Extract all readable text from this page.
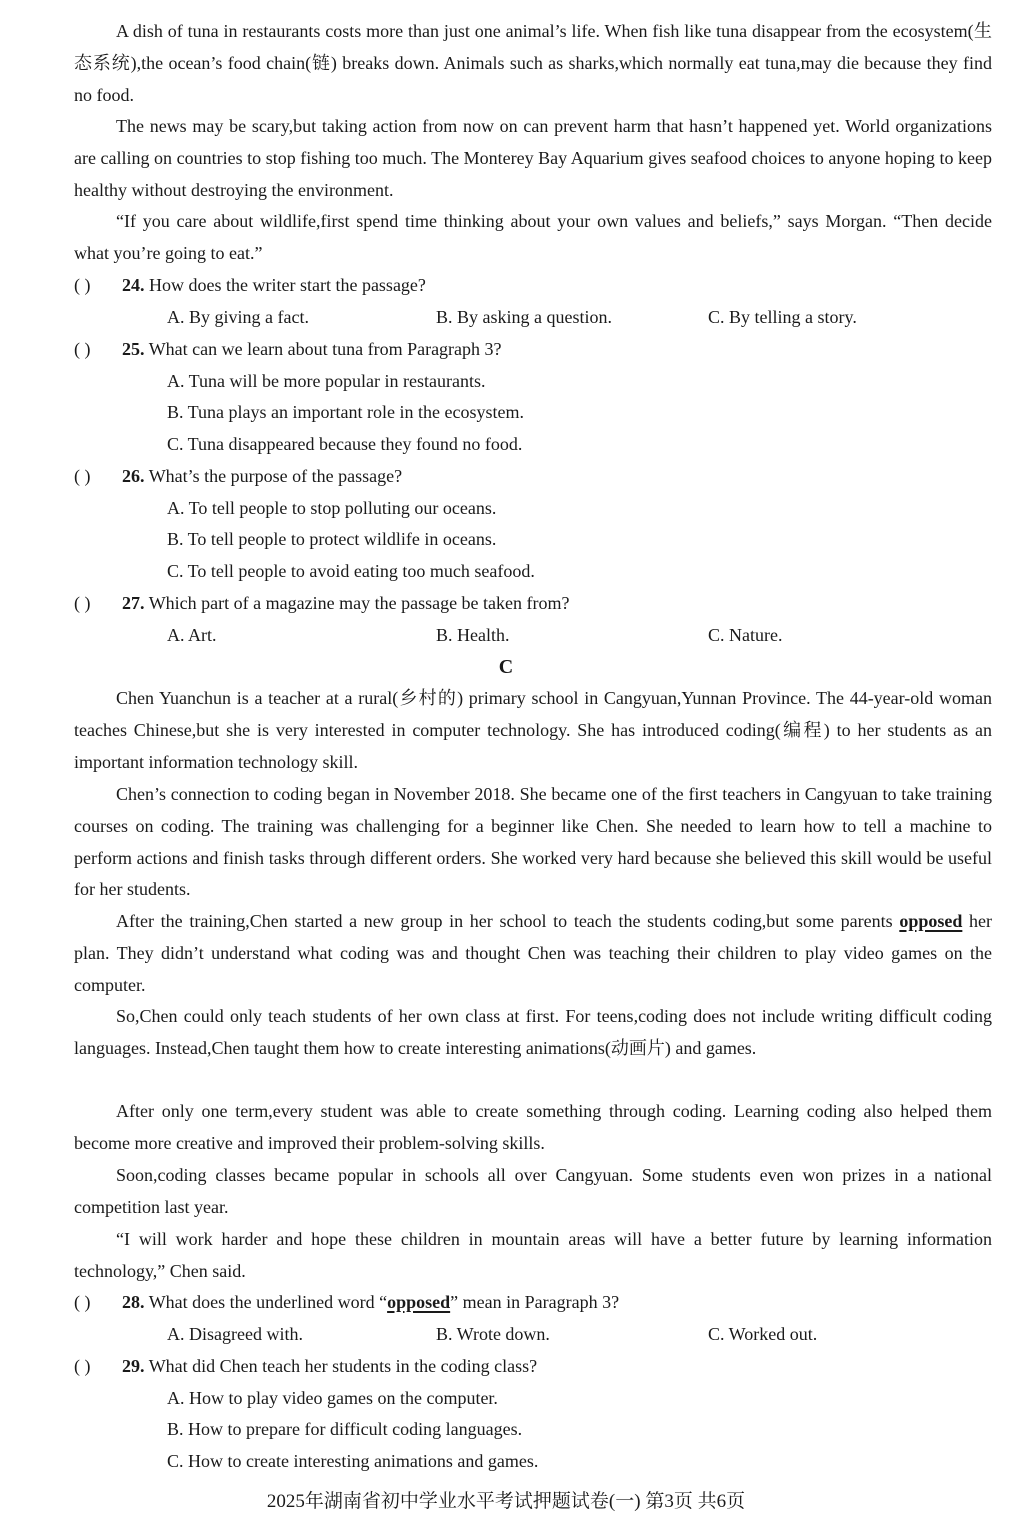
A dish of tuna in restaurants costs more than just one animal’s life. When fish like tuna disappear from the ecosystem(生态系统),the ocean’s food chain(链) breaks down. Animals such as sharks,which normally eat tuna,may die because they find no food.

The news may be scary,but taking action from now on can prevent harm that hasn’t happened yet. World organizations are calling on countries to stop fishing too much. The Monterey Bay Aquarium gives seafood choices to anyone hoping to keep healthy without destroying the environment.

“If you care about wildlife,first spend time thinking about your own values and beliefs,” says Morgan. “Then decide what you’re going to eat.”

( ) 24. How does the writer start the passage?
A. By giving a fact.	B. By asking a question.	C. By telling a story.
( ) 25. What can we learn about tuna from Paragraph 3?
A. Tuna will be more popular in restaurants.
B. Tuna plays an important role in the ecosystem.
C. Tuna disappeared because they found no food.
( ) 26. What’s the purpose of the passage?
A. To tell people to stop polluting our oceans.
B. To tell people to protect wildlife in oceans.
C. To tell people to avoid eating too much seafood.
( ) 27. Which part of a magazine may the passage be taken from?
A. Art.	B. Health.	C. Nature.
C

Chen Yuanchun is a teacher at a rural(乡村的) primary school in Cangyuan,Yunnan Province. The 44-year-old woman teaches Chinese,but she is very interested in computer technology. She has introduced coding(编程) to her students as an important information technology skill.

Chen’s connection to coding began in November 2018. She became one of the first teachers in Cangyuan to take training courses on coding. The training was challenging for a beginner like Chen. She needed to learn how to tell a machine to perform actions and finish tasks through different orders. She worked very hard because she believed this skill would be useful for her students.

After the training,Chen started a new group in her school to teach the students coding,but some parents opposed her plan. They didn’t understand what coding was and thought Chen was teaching their children to play video games on the computer.

So,Chen could only teach students of her own class at first. For teens,coding does not include writing difficult coding languages. Instead,Chen taught them how to create interesting animations(动画片) and games.

After only one term,every student was able to create something through coding. Learning coding also helped them become more creative and improved their problem-solving skills.

Soon,coding classes became popular in schools all over Cangyuan. Some students even won prizes in a national competition last year.

“I will work harder and hope these children in mountain areas will have a better future by learning information technology,” Chen said.

( ) 28. What does the underlined word “opposed” mean in Paragraph 3?
A. Disagreed with.	B. Wrote down.	C. Worked out.
( ) 29. What did Chen teach her students in the coding class?
A. How to play video games on the computer.
B. How to prepare for difficult coding languages.
C. How to create interesting animations and games.
2025年湖南省初中学业水平考试押题试卷(一) 第3页 共6页
